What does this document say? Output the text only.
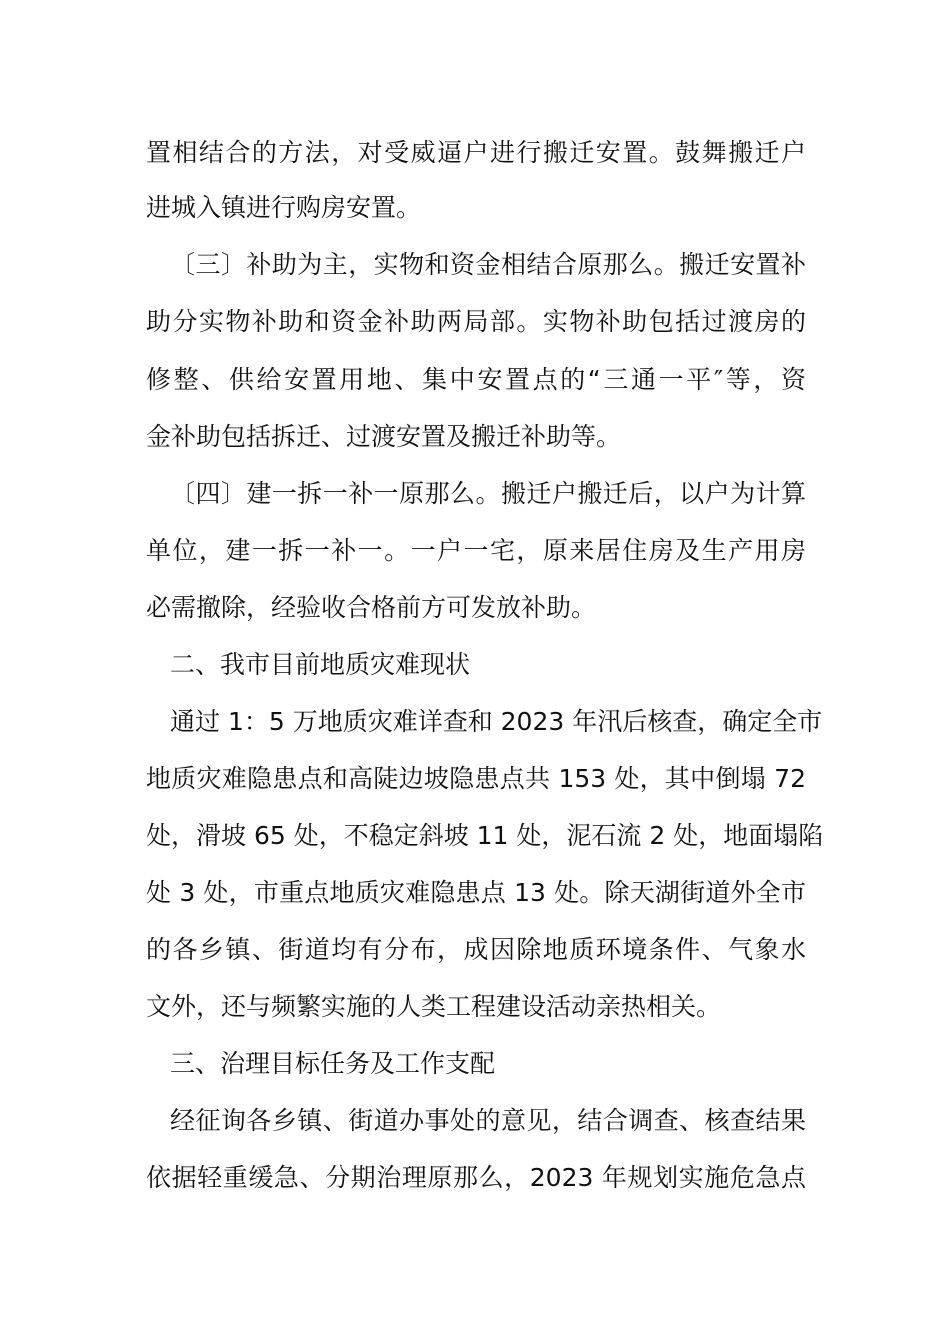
置相结合的方法，对受威逼户进行搬迁安置。鼓舞搬迁户
进城入镇进行购房安置。
〔三〕补助为主，实物和资金相结合原那么。搬迁安置补
助分实物补助和资金补助两局部。实物补助包括过渡房的
修整、供给安置用地、集中安置点的“三通一平″等，资
金补助包括拆迁、过渡安置及搬迁补助等。
〔四〕建一拆一补一原那么。搬迁户搬迁后，以户为计算
单位，建一拆一补一。一户一宅，原来居住房及生产用房
必需撤除，经验收合格前方可发放补助。
二、我市目前地质灾难现状
通过 1：5 万地质灾难详查和 2023 年汛后核查，确定全市
地质灾难隐患点和高陡边坡隐患点共 153 处，其中倒塌 72
处，滑坡 65 处，不稳定斜坡 11 处，泥石流 2 处，地面塌陷
处 3 处，市重点地质灾难隐患点 13 处。除天湖街道外全市
的各乡镇、街道均有分布，成因除地质环境条件、气象水
文外，还与频繁实施的人类工程建设活动亲热相关。
三、治理目标任务及工作支配
经征询各乡镇、街道办事处的意见，结合调查、核查结果
依据轻重缓急、分期治理原那么，2023 年规划实施危急点
